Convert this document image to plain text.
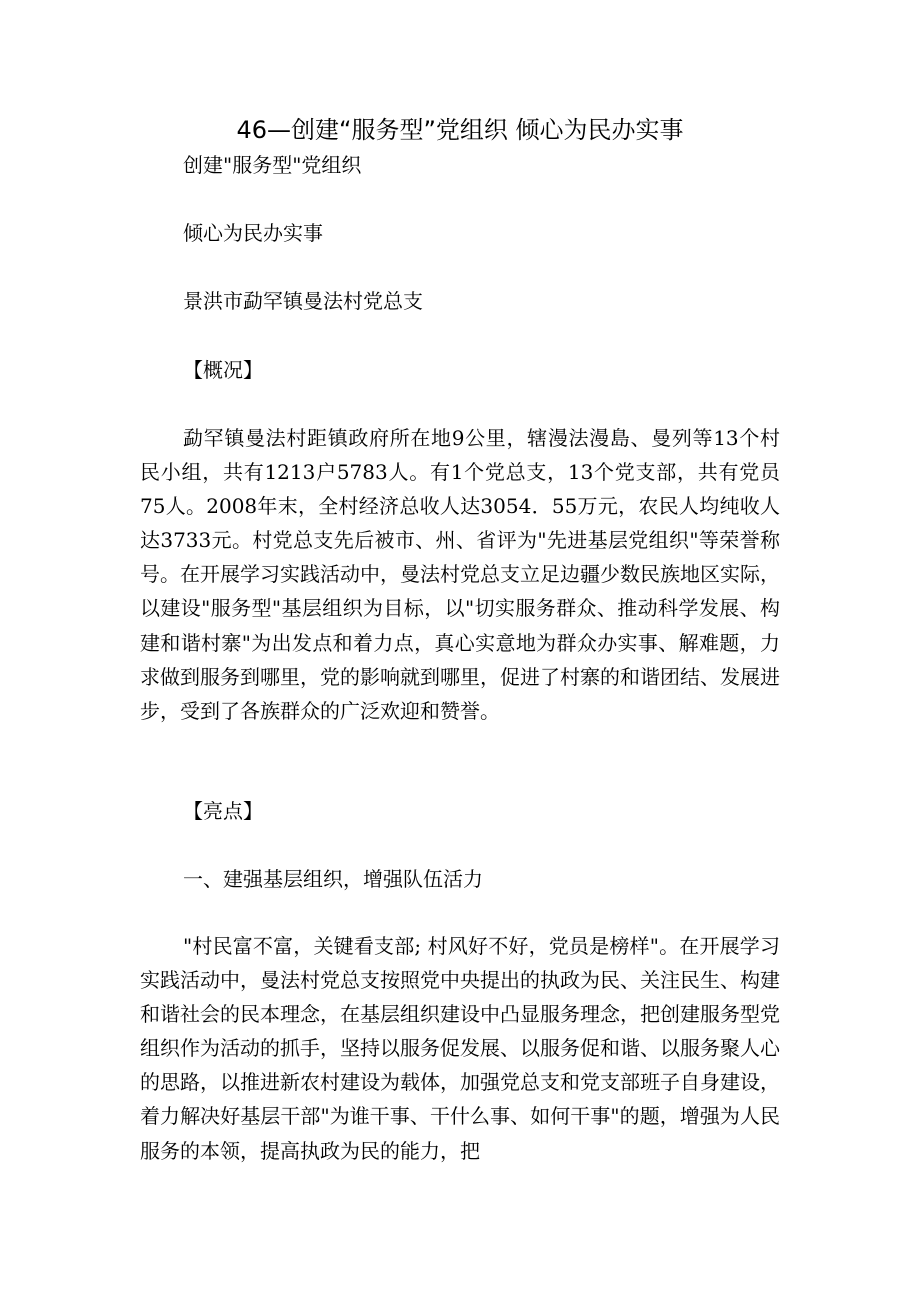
46—创建“服务型”党组织 倾心为民办实事

创建"服务型"党组织

倾心为民办实事

景洪市勐罕镇曼法村党总支

【概况】

勐罕镇曼法村距镇政府所在地9公里，辖漫法漫島、曼列等13个村民小组，共有1213户5783人。有1个党总支，13个党支部，共有党员75人。2008年末，全村经济总收人达3054．55万元，农民人均纯收人达3733元。村党总支先后被市、州、省评为"先进基层党组织"等荣誉称号。在开展学习实践活动中，曼法村党总支立足边疆少数民族地区实际，以建设"服务型"基层组织为目标，以"切实服务群众、推动科学发展、构建和谐村寨"为出发点和着力点，真心实意地为群众办实事、解难题，力求做到服务到哪里，党的影响就到哪里，促进了村寨的和谐团结、发展进步，受到了各族群众的广泛欢迎和赞誉。

【亮点】

一、建强基层组织，增强队伍活力

"村民富不富，关键看支部; 村风好不好，党员是榜样"。在开展学习实践活动中，曼法村党总支按照党中央提出的执政为民、关注民生、构建和谐社会的民本理念，在基层组织建设中凸显服务理念，把创建服务型党组织作为活动的抓手，坚持以服务促发展、以服务促和谐、以服务聚人心的思路，以推进新农村建设为载体，加强党总支和党支部班子自身建设，着力解决好基层干部"为谁干事、干什么事、如何干事"的题，增强为人民服务的本领，提高执政为民的能力，把
